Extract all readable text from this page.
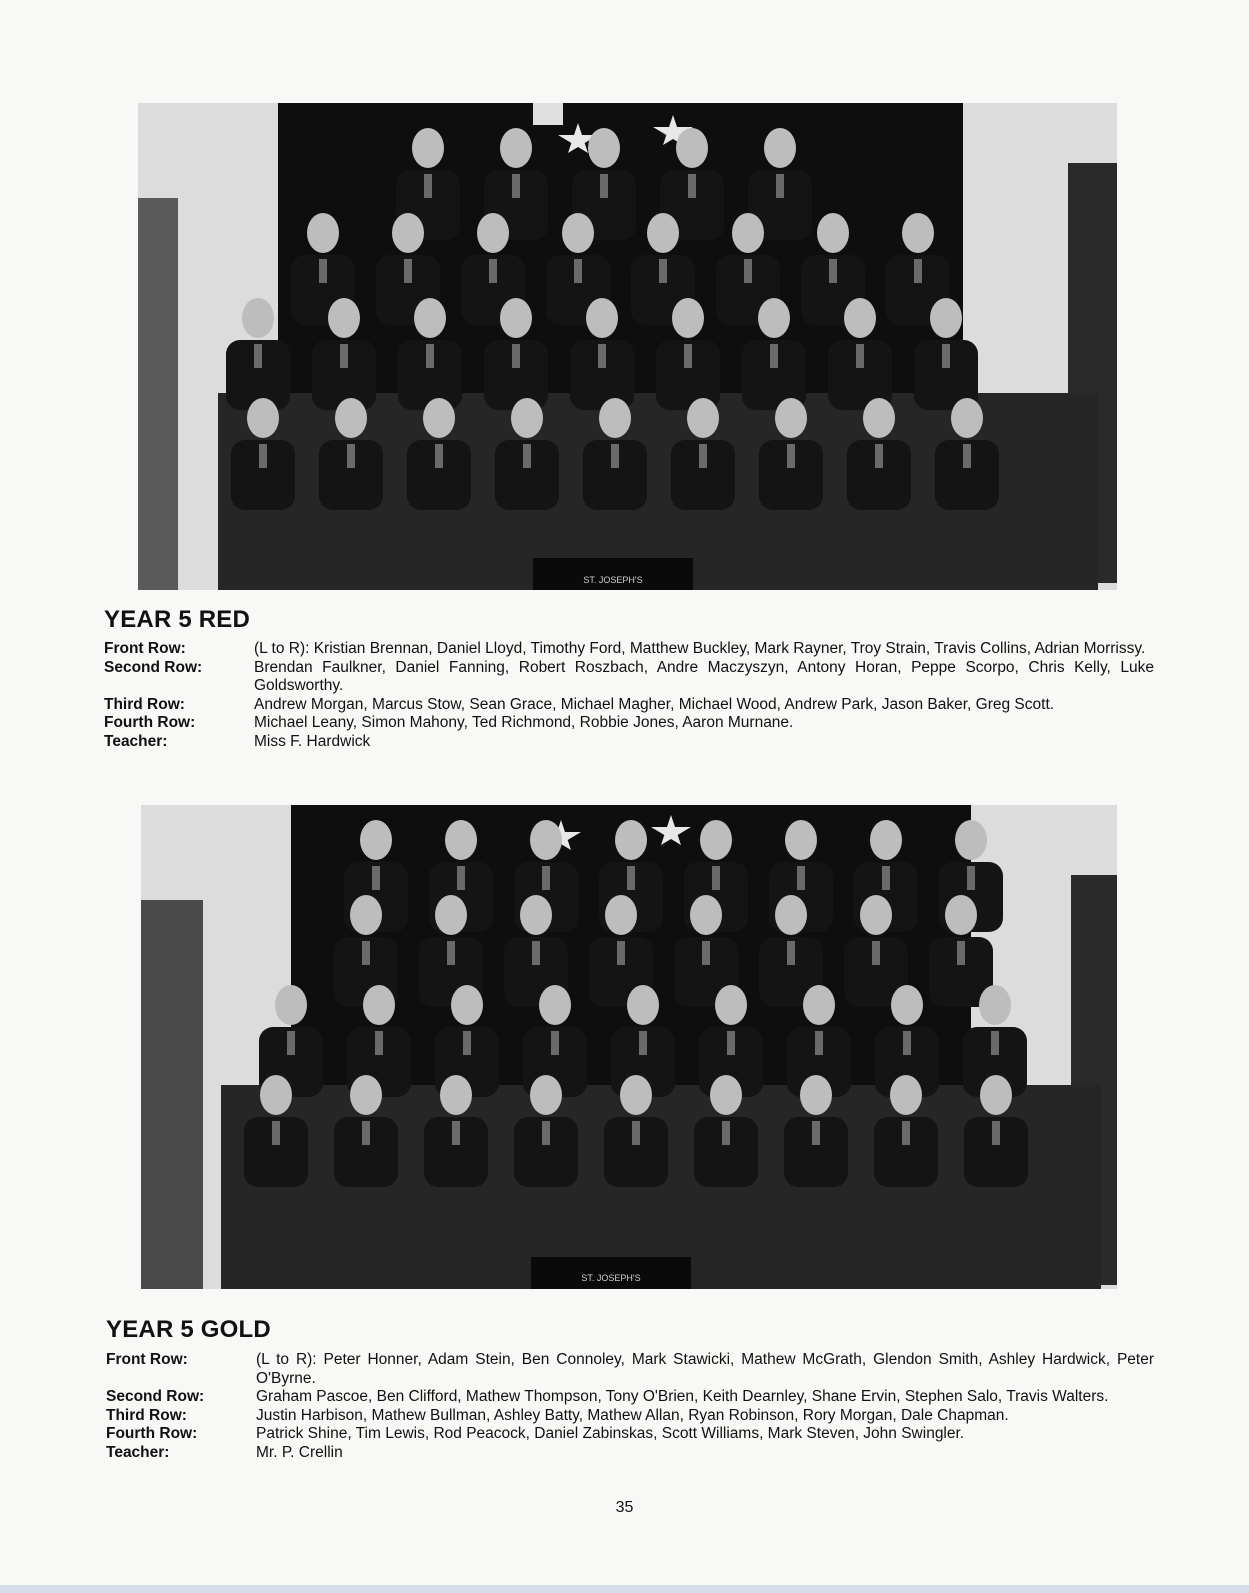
ST. JOSEPH'S
YEAR 5 RED
Front Row:	(L to R): Kristian Brennan, Daniel Lloyd, Timothy Ford, Matthew Buckley, Mark Rayner, Troy Strain, Travis Collins, Adrian Morrissy.
Second Row:	Brendan Faulkner, Daniel Fanning, Robert Roszbach, Andre Maczyszyn, Antony Horan, Peppe Scorpo, Chris Kelly, Luke Goldsworthy.
Third Row:	Andrew Morgan, Marcus Stow, Sean Grace, Michael Magher, Michael Wood, Andrew Park, Jason Baker, Greg Scott.
Fourth Row:	Michael Leany, Simon Mahony, Ted Richmond, Robbie Jones, Aaron Murnane.
Teacher:	Miss F. Hardwick
ST. JOSEPH'S
YEAR 5 GOLD
Front Row:	(L to R): Peter Honner, Adam Stein, Ben Connoley, Mark Stawicki, Mathew McGrath, Glendon Smith, Ashley Hardwick, Peter O'Byrne.
Second Row:	Graham Pascoe, Ben Clifford, Mathew Thompson, Tony O'Brien, Keith Dearnley, Shane Ervin, Stephen Salo, Travis Walters.
Third Row:	Justin Harbison, Mathew Bullman, Ashley Batty, Mathew Allan, Ryan Robinson, Rory Morgan, Dale Chapman.
Fourth Row:	Patrick Shine, Tim Lewis, Rod Peacock, Daniel Zabinskas, Scott Williams, Mark Steven, John Swingler.
Teacher:	Mr. P. Crellin
35
